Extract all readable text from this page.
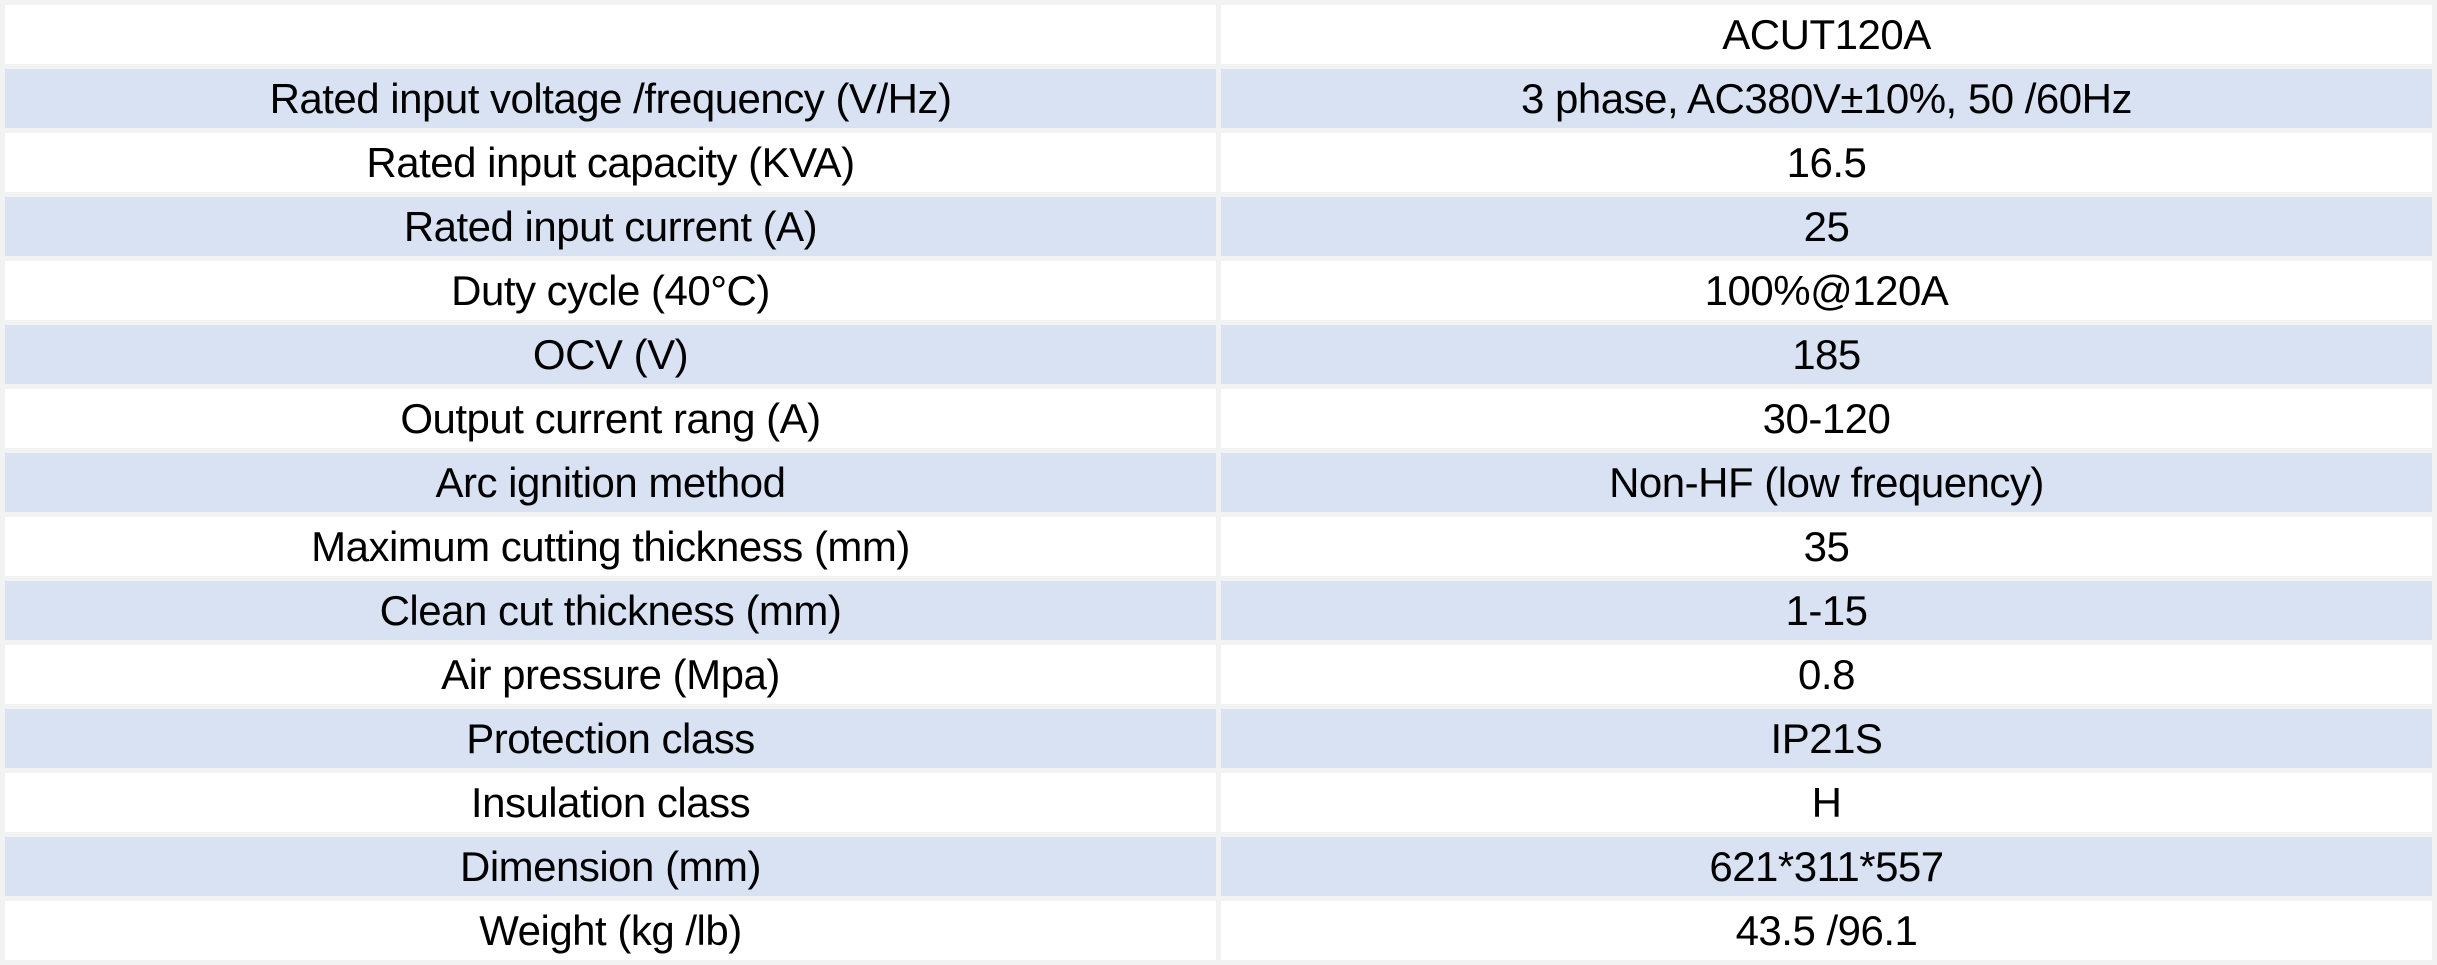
	ACUT120A
Rated input voltage /frequency (V/Hz)	3 phase, AC380V±10%, 50 /60Hz
Rated input capacity (KVA)	16.5
Rated input current (A)	25
Duty cycle (40°C)	100%@120A
OCV (V)	185
Output current rang (A)	30-120
Arc ignition method	Non-HF (low frequency)
Maximum cutting thickness (mm)	35
Clean cut thickness (mm)	1-15
Air pressure (Mpa)	0.8
Protection class	IP21S
Insulation class	H
Dimension (mm)	621*311*557
Weight (kg /lb)	43.5 /96.1
